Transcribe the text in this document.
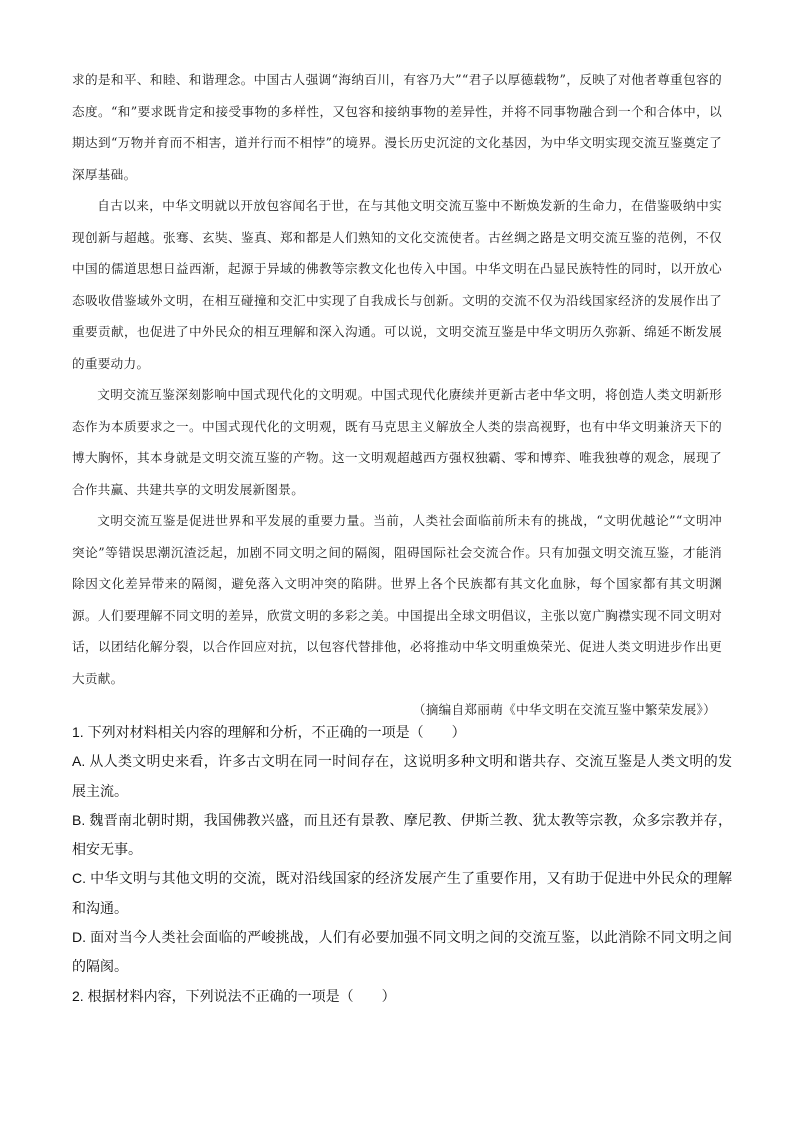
求的是和平、和睦、和谐理念。中国古人强调“海纳百川，有容乃大”“君子以厚德载物”，反映了对他者尊重包容的态度。“和”要求既肯定和接受事物的多样性，又包容和接纳事物的差异性，并将不同事物融合到一个和合体中，以期达到“万物并育而不相害，道并行而不相悖”的境界。漫长历史沉淀的文化基因，为中华文明实现交流互鉴奠定了深厚基础。

自古以来，中华文明就以开放包容闻名于世，在与其他文明交流互鉴中不断焕发新的生命力，在借鉴吸纳中实现创新与超越。张骞、玄奘、鉴真、郑和都是人们熟知的文化交流使者。古丝绸之路是文明交流互鉴的范例，不仅中国的儒道思想日益西渐，起源于异域的佛教等宗教文化也传入中国。中华文明在凸显民族特性的同时，以开放心态吸收借鉴域外文明，在相互碰撞和交汇中实现了自我成长与创新。文明的交流不仅为沿线国家经济的发展作出了重要贡献，也促进了中外民众的相互理解和深入沟通。可以说，文明交流互鉴是中华文明历久弥新、绵延不断发展的重要动力。

文明交流互鉴深刻影响中国式现代化的文明观。中国式现代化赓续并更新古老中华文明，将创造人类文明新形态作为本质要求之一。中国式现代化的文明观，既有马克思主义解放全人类的崇高视野，也有中华文明兼济天下的博大胸怀，其本身就是文明交流互鉴的产物。这一文明观超越西方强权独霸、零和博弈、唯我独尊的观念，展现了合作共赢、共建共享的文明发展新图景。

文明交流互鉴是促进世界和平发展的重要力量。当前，人类社会面临前所未有的挑战，“文明优越论”“文明冲突论”等错误思潮沉渣泛起，加剧不同文明之间的隔阂，阻碍国际社会交流合作。只有加强文明交流互鉴，才能消除因文化差异带来的隔阂，避免落入文明冲突的陷阱。世界上各个民族都有其文化血脉，每个国家都有其文明渊源。人们要理解不同文明的差异，欣赏文明的多彩之美。中国提出全球文明倡议，主张以宽广胸襟实现不同文明对话，以团结化解分裂，以合作回应对抗，以包容代替排他，必将推动中华文明重焕荣光、促进人类文明进步作出更大贡献。

（摘编自郑丽萌《中华文明在交流互鉴中繁荣发展》）

1. 下列对材料相关内容的理解和分析，不正确的一项是（　　）

A. 从人类文明史来看，许多古文明在同一时间存在，这说明多种文明和谐共存、交流互鉴是人类文明的发展主流。

B. 魏晋南北朝时期，我国佛教兴盛，而且还有景教、摩尼教、伊斯兰教、犹太教等宗教，众多宗教并存，相安无事。

C. 中华文明与其他文明的交流，既对沿线国家的经济发展产生了重要作用，又有助于促进中外民众的理解和沟通。

D. 面对当今人类社会面临的严峻挑战，人们有必要加强不同文明之间的交流互鉴，以此消除不同文明之间的隔阂。

2. 根据材料内容，下列说法不正确的一项是（　　）
